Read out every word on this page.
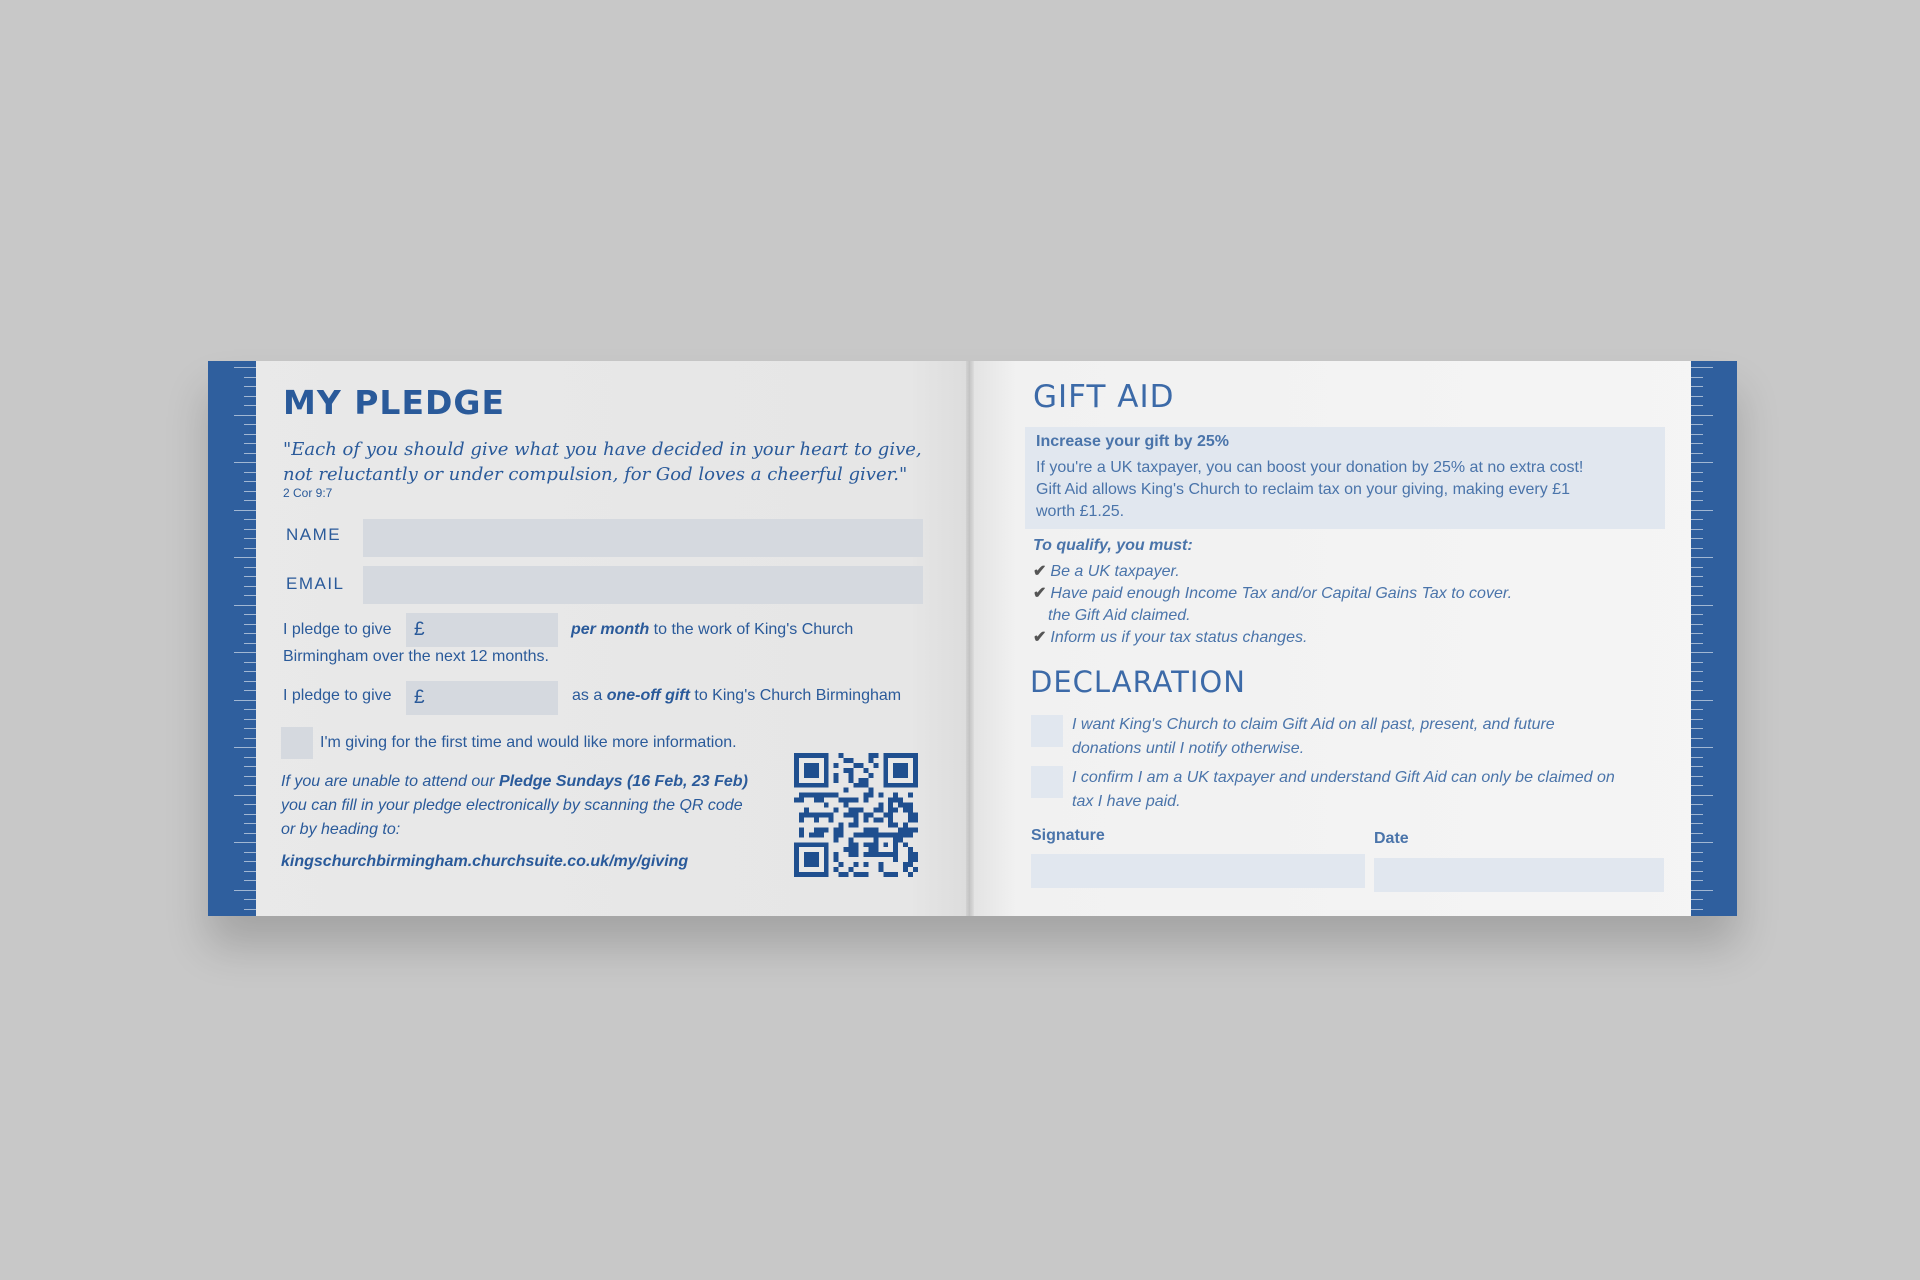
MY PLEDGE
"Each of you should give what you have decided in your heart to give, not reluctantly or under compulsion, for God loves a cheerful giver."
2 Cor 9:7
NAME
EMAIL
I pledge to give	£	per month to the work of King's Church
Birmingham over the next 12 months.
I pledge to give	£	as a one-off gift to King's Church Birmingham
I'm giving for the first time and would like more information.
If you are unable to attend our Pledge Sundays (16 Feb, 23 Feb)
you can fill in your pledge electronically by scanning the QR code
or by heading to:
kingschurchbirmingham.churchsuite.co.uk/my/giving
GIFT AID
Increase your gift by 25%
If you're a UK taxpayer, you can boost your donation by 25% at no extra cost!
Gift Aid allows King's Church to reclaim tax on your giving, making every £1
worth £1.25.
To qualify, you must:
✔ Be a UK taxpayer.
✔ Have paid enough Income Tax and/or Capital Gains Tax to cover.
the Gift Aid claimed.
✔ Inform us if your tax status changes.
DECLARATION
I want King's Church to claim Gift Aid on all past, present, and future
donations until I notify otherwise.
I confirm I am a UK taxpayer and understand Gift Aid can only be claimed on
tax I have paid.
Signature	Date
